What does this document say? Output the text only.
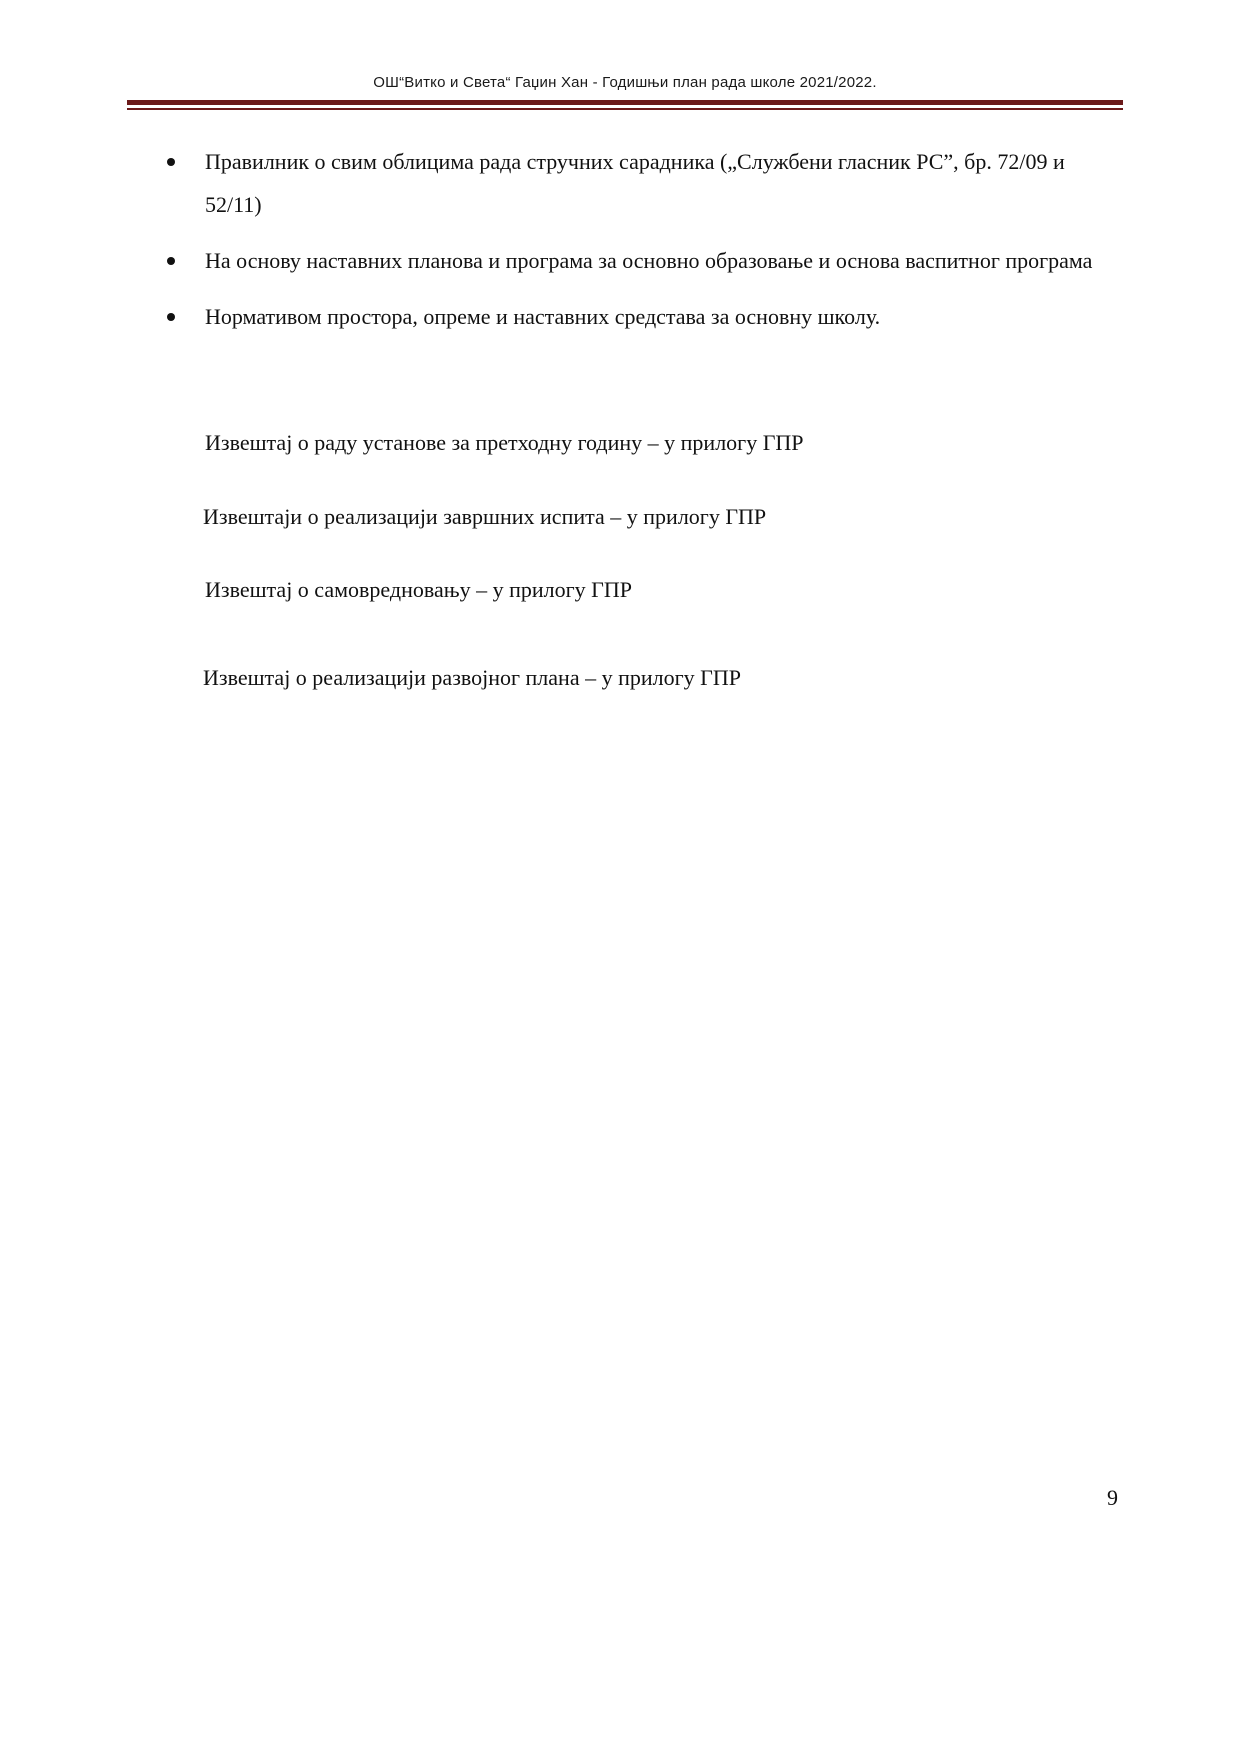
ОШ“Витко и Света“ Гаџин Хан - Годишњи план рада школе 2021/2022.
Правилник о свим облицима рада стручних сарадника („Службени гласник РС”, бр. 72/09 и 52/11)
На основу наставних планова и програма за основно образовање и основа васпитног програма
Нормативом простора, опреме и наставних средстава за основну школу.
Извештај о раду установе за претходну годину – у прилогу ГПР
Извештаји о реализацији завршних испита – у прилогу ГПР
Извештај о самовредновању – у прилогу ГПР
Извештај о реализацији развојног плана – у прилогу ГПР
9
